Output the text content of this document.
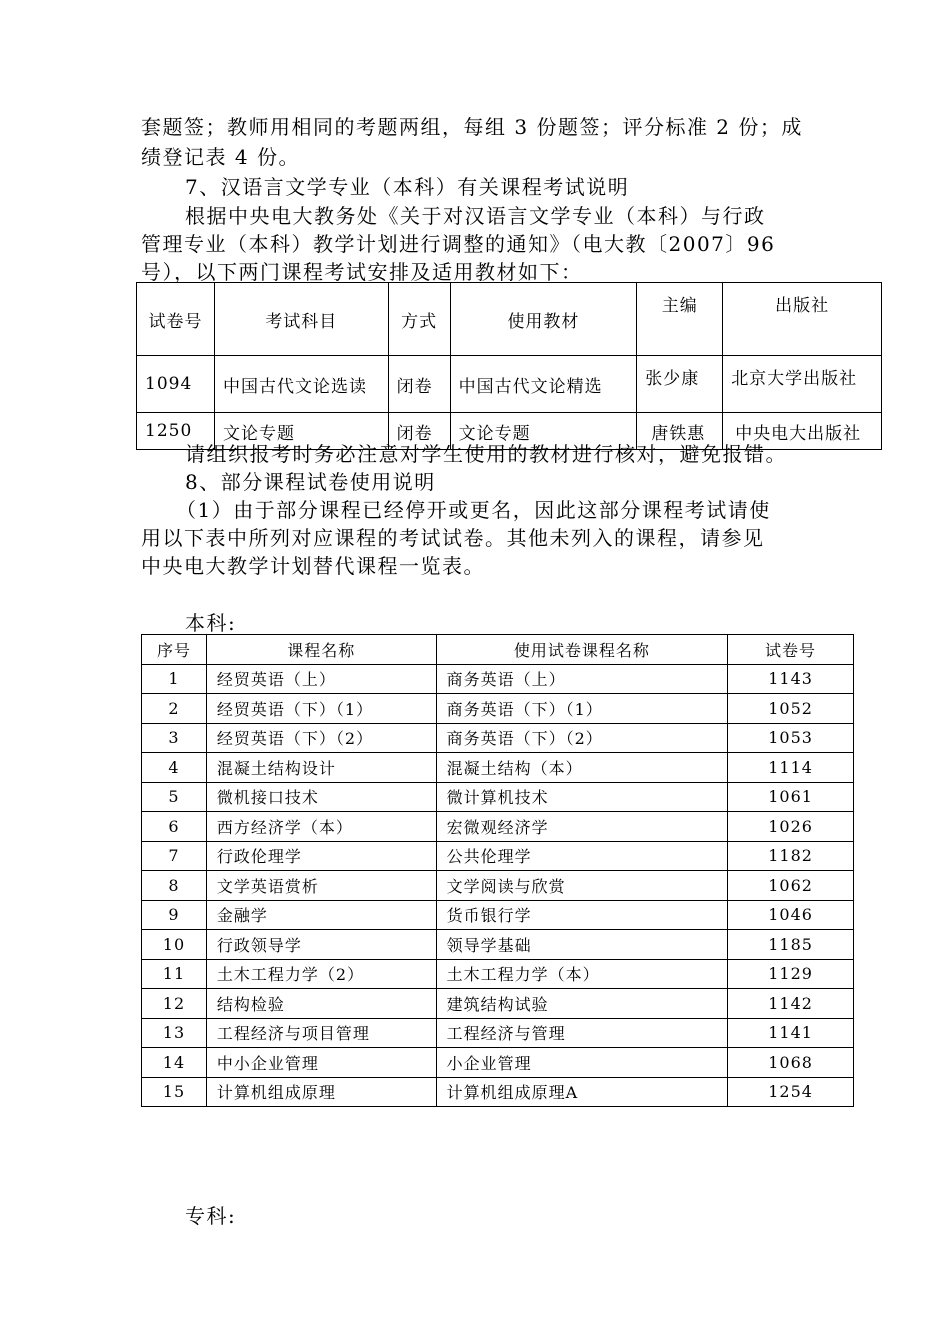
套题签；教师用相同的考题两组，每组 3 份题签；评分标准 2 份；成
绩登记表 4 份。
7、汉语言文学专业（本科）有关课程考试说明
根据中央电大教务处《关于对汉语言文学专业（本科）与行政
管理专业（本科）教学计划进行调整的通知》（电大教〔2007〕96
号），以下两门课程考试安排及适用教材如下：
试卷号	考试科目	方式	使用教材	主编	出版社
1094	中国古代文论选读	闭卷	中国古代文论精选	张少康	北京大学出版社
1250	文论专题	闭卷	文论专题	唐铁惠	中央电大出版社
请组织报考时务必注意对学生使用的教材进行核对，避免报错。
8、部分课程试卷使用说明
（1）由于部分课程已经停开或更名，因此这部分课程考试请使
用以下表中所列对应课程的考试试卷。其他未列入的课程，请参见
中央电大教学计划替代课程一览表。
本科:
序号	课程名称	使用试卷课程名称	试卷号
1	经贸英语（上）	商务英语（上）	1143
2	经贸英语（下）（1）	商务英语（下）（1）	1052
3	经贸英语（下）（2）	商务英语（下）（2）	1053
4	混凝土结构设计	混凝土结构（本）	1114
5	微机接口技术	微计算机技术	1061
6	西方经济学（本）	宏微观经济学	1026
7	行政伦理学	公共伦理学	1182
8	文学英语赏析	文学阅读与欣赏	1062
9	金融学	货币银行学	1046
10	行政领导学	领导学基础	1185
11	土木工程力学（2）	土木工程力学（本）	1129
12	结构检验	建筑结构试验	1142
13	工程经济与项目管理	工程经济与管理	1141
14	中小企业管理	小企业管理	1068
15	计算机组成原理	计算机组成原理A	1254
专科:
